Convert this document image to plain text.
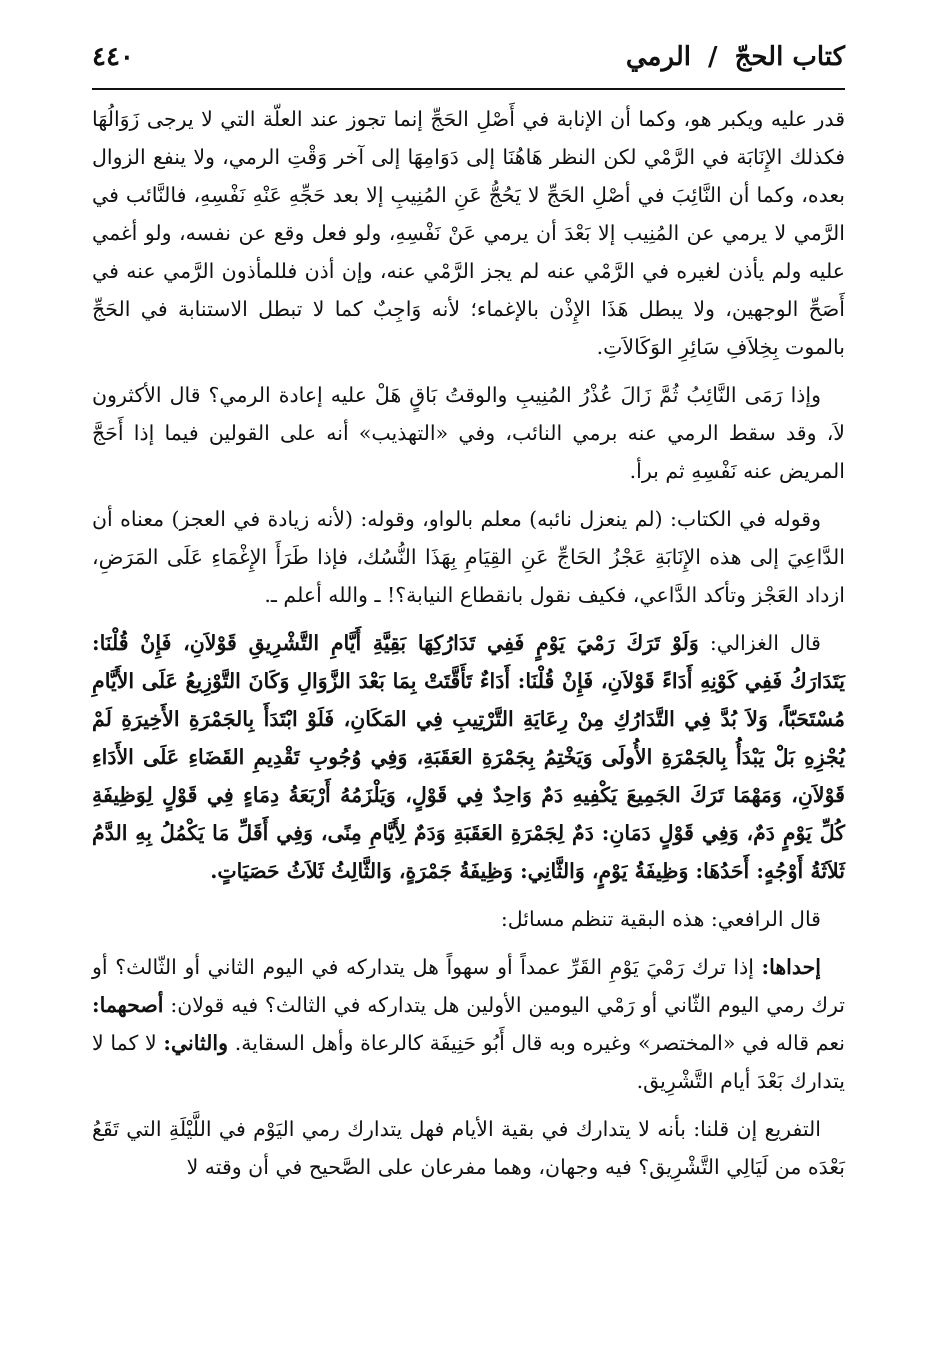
كتاب الحجّ / الرمي
٤٤٠

قدر عليه ويكبر هو، وكما أن الإنابة في أَصْلِ الحَجِّ إنما تجوز عند العلّة التي لا يرجى زَوَالُهَا فكذلك الإِنَابَة في الرَّمْي لكن النظر هَاهُنَا إلى دَوَامِهَا إلى آخر وَقْتِ الرمي، ولا ينفع الزوال بعده، وكما أن النَّائِبَ في أصْلِ الحَجِّ لا يَحُجُّ عَنِ المُنِيبِ إلا بعد حَجِّهِ عَنْهِ نَفْسِهِ، فالنَّائب في الرَّمي لا يرمي عن المُنِيب إلا بَعْدَ أن يرمي عَنْ نَفْسِهِ، ولو فعل وقع عن نفسه، ولو أغمي عليه ولم يأذن لغيره في الرَّمْي عنه لم يجز الرَّمْي عنه، وإن أذن فللمأذون الرَّمي عنه في أَصَحِّ الوجهين، ولا يبطل هَذَا الإِذْن بالإغماء؛ لأنه وَاجِبٌ كما لا تبطل الاستنابة في الحَجِّ بالموت بِخِلاَفِ سَائِرِ الوَكَالاَتِ.

وإذا رَمَى النَّائِبُ ثُمَّ زَالَ عُذْرُ المُنِيبِ والوقتُ بَاقٍ هَلْ عليه إعادة الرمي؟ قال الأكثرون لاَ، وقد سقط الرمي عنه برمي النائب، وفي «التهذيب» أنه على القولين فيما إذا أَحَجَّ المريض عنه نَفْسِهِ ثم برأ.

وقوله في الكتاب: (لم ينعزل نائبه) معلم بالواو، وقوله: (لأنه زيادة في العجز) معناه أن الدَّاعِيَ إلى هذه الإِنَابَةِ عَجْزُ الحَاجِّ عَنِ القِيَامِ بِهَذَا النُّسُك، فإذا طَرَأَ الإِغْمَاءِ عَلَى المَرَضِ، ازداد العَجْز وتأكد الدَّاعي، فكيف نقول بانقطاع النيابة؟! ـ والله أعلم ـ.

قال الغزالي: وَلَوْ تَرَكَ رَمْيَ يَوْمٍ فَفِي تَدَارُكِهَا بَقِيَّةِ أَيَّامِ التَّشْرِيقِ قَوْلاَنِ، فَإِنْ قُلْنَا: يَتَدَارَكُ فَفِي كَوْنِهِ أَدَاءً قَوْلاَنِ، فَإِنْ قُلْنَا: أَدَاءٌ تَأَقَّتَتْ بِمَا بَعْدَ الزَّوَالِ وَكَانَ التَّوْزِيعُ عَلَى الأَيَّامِ مُسْتَحَبّاً، وَلاَ بُدَّ فِي التَّدَارُكِ مِنْ رِعَايَةِ التَّرْتِيبِ فِي المَكَانِ، فَلَوْ ابْتَدَأَ بِالجَمْرَةِ الأَخِيرَةِ لَمْ يُجْزِهِ بَلْ يَبْدَأُ بِالجَمْرَةِ الأُولَى وَيَخْتِمُ بِجَمْرَةِ العَقَبَةِ، وَفِي وُجُوبِ تَقْدِيمِ القَضَاءِ عَلَى الأَدَاءِ قَوْلاَنِ، وَمَهْمَا تَرَكَ الجَمِيعَ يَكْفِيهِ دَمٌ وَاحِدٌ فِي قَوْلٍ، وَيَلْزَمُهُ أَرْبَعَةُ دِمَاءٍ فِي قَوْلٍ لِوَظِيفَةِ كُلِّ يَوْمٍ دَمٌ، وَفِي قَوْلٍ دَمَانِ: دَمٌ لِجَمْرَةِ العَقَبَةِ وَدَمٌ لِأَيَّامِ مِنًى، وَفِي أَقَلِّ مَا يَكْمُلُ بِهِ الدَّمُ ثَلاَثَةُ أَوْجُهٍ: أَحَدُهَا: وَظِيفَةُ يَوْمٍ، وَالثَّانِي: وَظِيفَةُ جَمْرَةٍ، وَالثَّالِثُ ثَلاَثُ حَصَيَاتٍ.

قال الرافعي: هذه البقية تنظم مسائل:

إحداها: إذا ترك رَمْيَ يَوْمِ القَرِّ عمداً أو سهواً هل يتداركه في اليوم الثاني أو الثّالث؟ أو ترك رمي اليوم الثّاني أو رَمْي اليومين الأولين هل يتداركه في الثالث؟ فيه قولان: أصحهما: نعم قاله في «المختصر» وغيره وبه قال أَبُو حَنِيفَة كالرعاة وأهل السقاية. والثاني: لا كما لا يتدارك بَعْدَ أيام التَّشْرِيق.

التفريع إن قلنا: بأنه لا يتدارك في بقية الأيام فهل يتدارك رمي اليَوْم في اللَّيْلَةِ التي تَقَعُ بَعْدَه من لَيَالِي التَّشْرِيق؟ فيه وجهان، وهما مفرعان على الصَّحيح في أن وقته لا
